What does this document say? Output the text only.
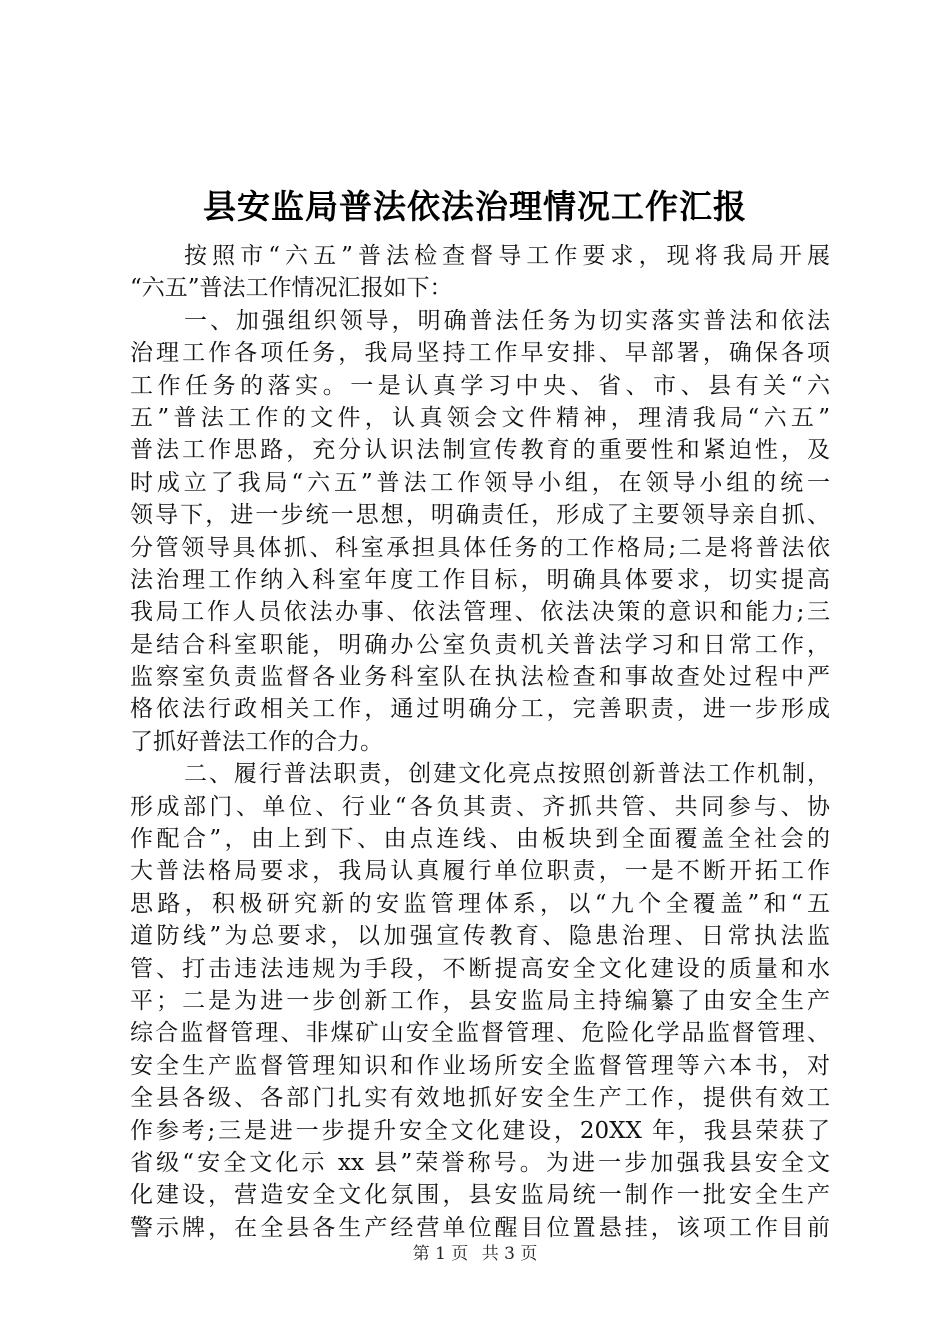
县安监局普法依法治理情况工作汇报
按照市“六五”普法检查督导工作要求，现将我局开展
“六五”普法工作情况汇报如下：
一、加强组织领导，明确普法任务为切实落实普法和依法
治理工作各项任务，我局坚持工作早安排、早部署，确保各项
工作任务的落实。一是认真学习中央、省、市、县有关“六
五”普法工作的文件，认真领会文件精神，理清我局“六五”
普法工作思路，充分认识法制宣传教育的重要性和紧迫性，及
时成立了我局“六五”普法工作领导小组，在领导小组的统一
领导下，进一步统一思想，明确责任，形成了主要领导亲自抓、
分管领导具体抓、科室承担具体任务的工作格局;二是将普法依
法治理工作纳入科室年度工作目标，明确具体要求，切实提高
我局工作人员依法办事、依法管理、依法决策的意识和能力;三
是结合科室职能，明确办公室负责机关普法学习和日常工作，
监察室负责监督各业务科室队在执法检查和事故查处过程中严
格依法行政相关工作，通过明确分工，完善职责，进一步形成
了抓好普法工作的合力。
二、履行普法职责，创建文化亮点按照创新普法工作机制，
形成部门、单位、行业“各负其责、齐抓共管、共同参与、协
作配合”，由上到下、由点连线、由板块到全面覆盖全社会的
大普法格局要求，我局认真履行单位职责，一是不断开拓工作
思路，积极研究新的安监管理体系，以“九个全覆盖”和“五
道防线”为总要求，以加强宣传教育、隐患治理、日常执法监
管、打击违法违规为手段，不断提高安全文化建设的质量和水
平；二是为进一步创新工作，县安监局主持编纂了由安全生产
综合监督管理、非煤矿山安全监督管理、危险化学品监督管理、
安全生产监督管理知识和作业场所安全监督管理等六本书，对
全县各级、各部门扎实有效地抓好安全生产工作，提供有效工
作参考;三是进一步提升安全文化建设，20XX 年，我县荣获了
省级“安全文化示 xx 县”荣誉称号。为进一步加强我县安全文
化建设，营造安全文化氛围，县安监局统一制作一批安全生产
警示牌，在全县各生产经营单位醒目位置悬挂，该项工作目前
第 1 页 共 3 页
